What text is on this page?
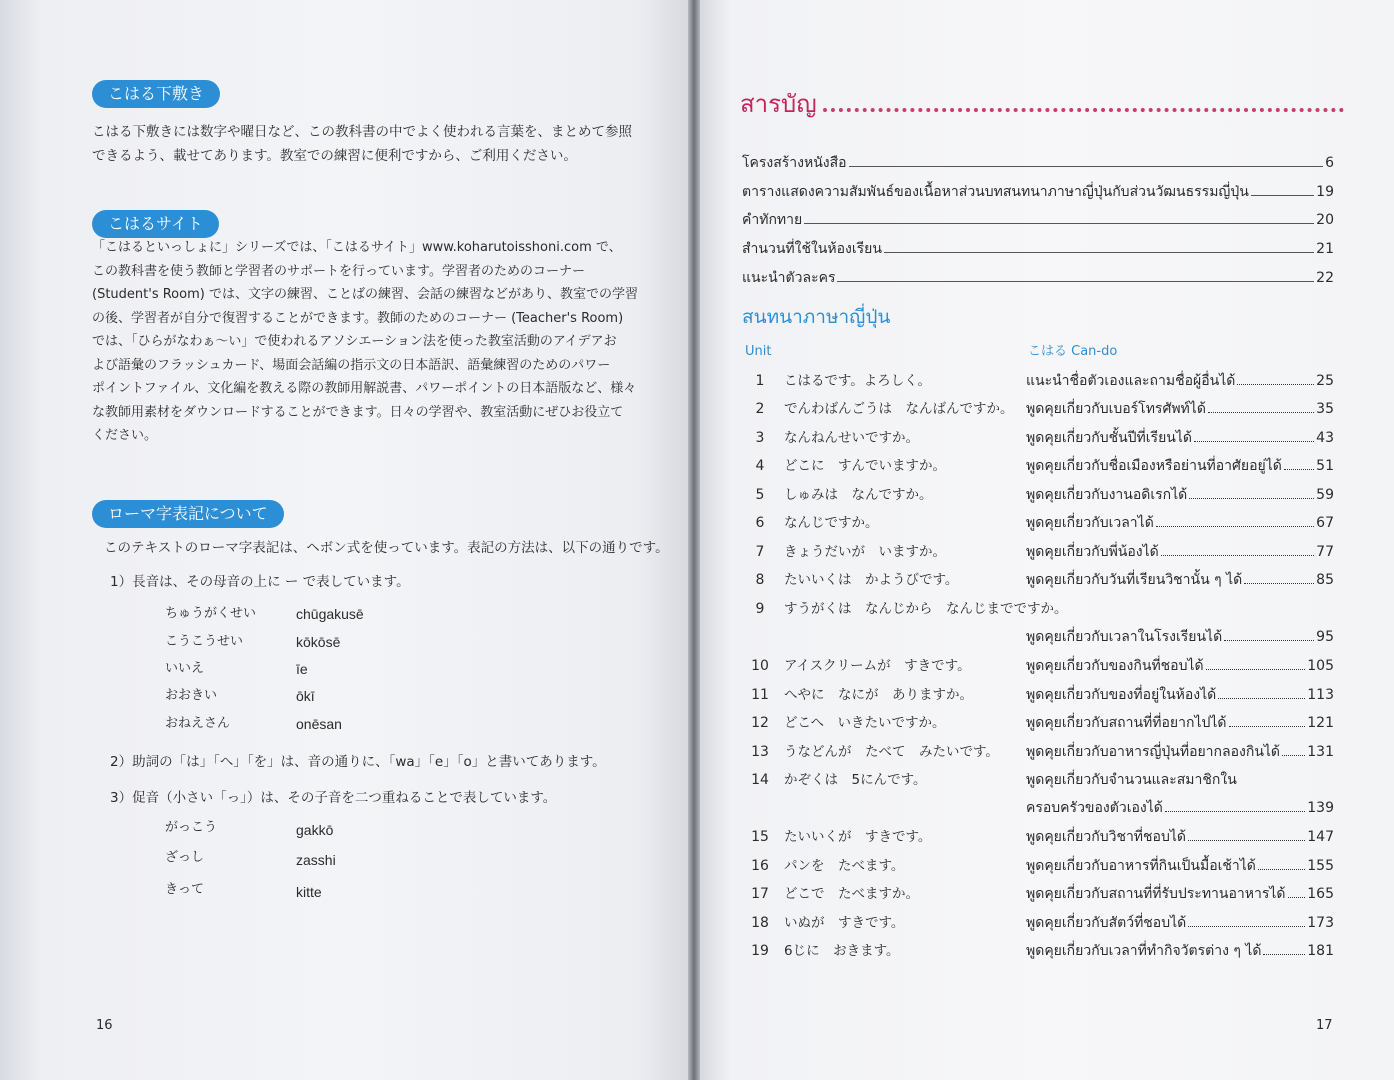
こはる下敷き

こはる下敷きには数字や曜日など、この教科書の中でよく使われる言葉を、まとめて参照

できるよう、載せてあります。教室での練習に便利ですから、ご利用ください。

こはるサイト

「こはるといっしょに」シリーズでは、「こはるサイト」www.koharutoisshoni.com で、

この教科書を使う教師と学習者のサポートを行っています。学習者のためのコーナー

(Student's Room) では、文字の練習、ことばの練習、会話の練習などがあり、教室での学習

の後、学習者が自分で復習することができます。教師のためのコーナー (Teacher's Room)

では、「ひらがなわぁ〜い」で使われるアソシエーション法を使った教室活動のアイデアお

よび語彙のフラッシュカード、場面会話編の指示文の日本語訳、語彙練習のためのパワー

ポイントファイル、文化編を教える際の教師用解説書、パワーポイントの日本語版など、様々

な教師用素材をダウンロードすることができます。日々の学習や、教室活動にぜひお役立て

ください。

ローマ字表記について
このテキストのローマ字表記は、ヘボン式を使っています。表記の方法は、以下の通りです。
1）長音は、その母音の上に ー で表しています。
ちゅうがくせい	chūgakusē
こうこうせい	kōkōsē
いいえ	īe
おおきい	ōkī
おねえさん	onēsan
2）助詞の「は」「へ」「を」は、音の通りに、「wa」「e」「o」と書いてあります。
3）促音（小さい「っ」）は、その子音を二つ重ねることで表しています。
がっこう	gakkō
ざっし	zasshi
きって	kitte
16
สารบัญ
โครงสร้างหนังสือ	6
ตารางแสดงความสัมพันธ์ของเนื้อหาส่วนบทสนทนาภาษาญี่ปุ่นกับส่วนวัฒนธรรมญี่ปุ่น	19
คำทักทาย	20
สำนวนที่ใช้ในห้องเรียน	21
แนะนำตัวละคร	22
สนทนาภาษาญี่ปุ่น
Unit	こはる Can-do
1	こはるです。よろしく。	แนะนำชื่อตัวเองและถามชื่อผู้อื่นได้	25
2	でんわばんごうは　なんばんですか。 พูดคุยเกี่ยวกับเบอร์โทรศัพท์ได้	35
3	なんねんせいですか。	พูดคุยเกี่ยวกับชั้นปีที่เรียนได้	43
4	どこに　すんでいますか。	พูดคุยเกี่ยวกับชื่อเมืองหรือย่านที่อาศัยอยู่ได้ 51
5	しゅみは　なんですか。	พูดคุยเกี่ยวกับงานอดิเรกได้	59
6	なんじですか。	พูดคุยเกี่ยวกับเวลาได้	67
7	きょうだいが　いますか。	พูดคุยเกี่ยวกับพี่น้องได้	77
8	たいいくは　かようびです。	พูดคุยเกี่ยวกับวันที่เรียนวิชานั้น ๆ ได้	85
9	すうがくは　なんじから　なんじまでですか。
พูดคุยเกี่ยวกับเวลาในโรงเรียนได้	95
10 アイスクリームが　すきです。	พูดคุยเกี่ยวกับของกินที่ชอบได้	105
11 へやに　なにが　ありますか。	พูดคุยเกี่ยวกับของที่อยู่ในห้องได้	113
12 どこへ　いきたいですか。	พูดคุยเกี่ยวกับสถานที่ที่อยากไปได้	121
13 うなどんが　たべて　みたいです。 พูดคุยเกี่ยวกับอาหารญี่ปุ่นที่อยากลองกินได้ 131
14 かぞくは　5にんです。	พูดคุยเกี่ยวกับจำนวนและสมาชิกใน
ครอบครัวของตัวเองได้	139
15 たいいくが　すきです。	พูดคุยเกี่ยวกับวิชาที่ชอบได้	147
16 パンを　たべます。	พูดคุยเกี่ยวกับอาหารที่กินเป็นมื้อเช้าได้	155
17 どこで　たべますか。	พูดคุยเกี่ยวกับสถานที่ที่รับประทานอาหารได้ 165
18 いぬが　すきです。	พูดคุยเกี่ยวกับสัตว์ที่ชอบได้	173
19 6じに　おきます。	พูดคุยเกี่ยวกับเวลาที่ทำกิจวัตรต่าง ๆ ได้	181
17
